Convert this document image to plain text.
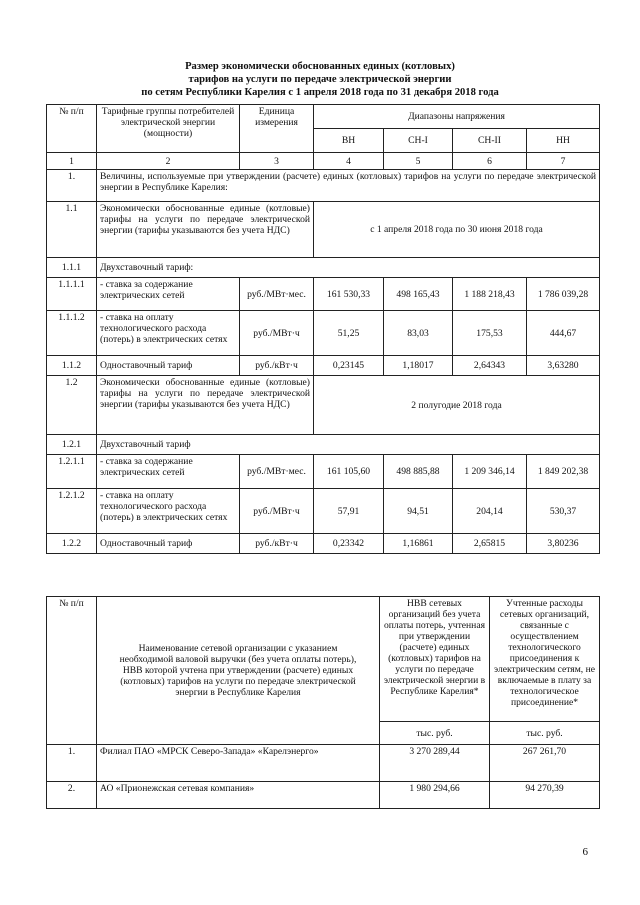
Размер экономически обоснованных единых (котловых)
тарифов на услуги по передаче электрической энергии
по сетям Республики Карелия с 1 апреля 2018 года по 31 декабря 2018 года
№ п/п	Тарифные группы потребителей электрической энергии (мощности)	Единица измерения	Диапазоны напряжения			
			ВН	СН-I	СН-II	НН
1	2	3	4	5	6	7
1.	Величины, используемые при утверждении (расчете) единых (котловых) тарифов на услуги по передаче электрической энергии в Республике Карелия:					
1.1	Экономически обоснованные единые (котловые) тарифы на услуги по передаче электрической энергии (тарифы указываются без учета НДС)		с 1 апреля 2018 года по 30 июня 2018 года			
1.1.1	Двухставочный тариф:					
1.1.1.1	- ставка за содержание электрических сетей	руб./МВт·мес.	161 530,33	498 165,43	1 188 218,43	1 786 039,28
1.1.1.2	- ставка на оплату технологического расхода (потерь) в электрических сетях	руб./МВт·ч	51,25	83,03	175,53	444,67
1.1.2	Одноставочный тариф	руб./кВт·ч	0,23145	1,18017	2,64343	3,63280
1.2	Экономически обоснованные единые (котловые) тарифы на услуги по передаче электрической энергии (тарифы указываются без учета НДС)		2 полугодие 2018 года			
1.2.1	Двухставочный тариф					
1.2.1.1	- ставка за содержание электрических сетей	руб./МВт·мес.	161 105,60	498 885,88	1 209 346,14	1 849 202,38
1.2.1.2	- ставка на оплату технологического расхода (потерь) в электрических сетях	руб./МВт·ч	57,91	94,51	204,14	530,37
1.2.2	Одноставочный тариф	руб./кВт·ч	0,23342	1,16861	2,65815	3,80236
№ п/п	Наименование сетевой организации с указанием необходимой валовой выручки (без учета оплаты потерь), НВВ которой учтена при утверждении (расчете) единых (котловых) тарифов на услуги по передаче электрической энергии в Республике Карелия	НВВ сетевых организаций без учета оплаты потерь, учтенная при утверждении (расчете) единых (котловых) тарифов на услуги по передаче электрической энергии в Республике Карелия*	Учтенные расходы сетевых организаций, связанные с осуществлением технологического присоединения к электрическим сетям, не включаемые в плату за технологическое присоединение*
		тыс. руб.	тыс. руб.
1.	Филиал ПАО «МРСК Северо-Запада» «Карелэнерго»	3 270 289,44	267 261,70
2.	АО «Прионежская сетевая компания»	1 980 294,66	94 270,39
6
